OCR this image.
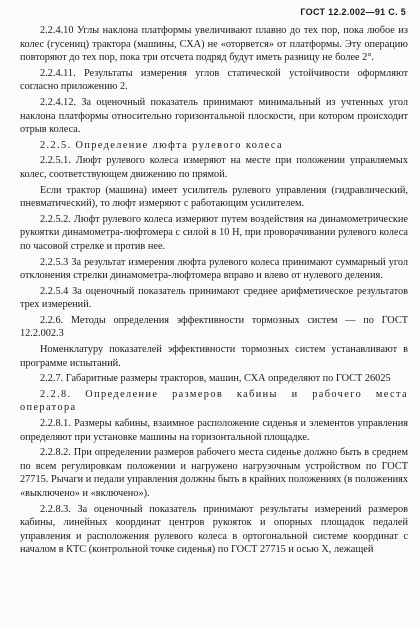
ГОСТ 12.2.002—91 С. 5

2.2.4.10 Углы наклона платформы увеличивают плавно до тех пор, пока любое из колес (гусениц) трактора (машины, СХА) не «оторвется» от платформы. Эту операцию повторяют до тех пор, пока три отсчета подряд будут иметь разницу не более 2°.

2.2.4.11. Результаты измерения углов статической устойчивости оформляют согласно приложению 2.

2.2.4.12. За оценочный показатель принимают минимальный из учтенных угол наклона платформы относительно горизонтальной плоскости, при котором происходит отрыв колеса.

2.2.5. Определение люфта рулевого колеса

2.2.5.1. Люфт рулевого колеса измеряют на месте при положении управляемых колес, соответствующем движению по прямой.

Если трактор (машина) имеет усилитель рулевого управления (гидравлический, пневматический), то люфт измеряют с работающим усилителем.

2.2.5.2. Люфт рулевого колеса измеряют путем воздействия на динамометрические рукоятки динамометра-люфтомера с силой в 10 Н, при проворачивании рулевого колеса по часовой стрелке и против нее.

2.2.5.3 За результат измерения люфта рулевого колеса принимают суммарный угол отклонения стрелки динамометра-люфтомера вправо и влево от нулевого деления.

2.2.5.4 За оценочный показатель принимают среднее арифметическое результатов трех измерений.

2.2.6. Методы определения эффективности тормозных систем — по ГОСТ 12.2.002.3

Номенклатуру показателей эффективности тормозных систем устанавливают в программе испытаний.

2.2.7. Габаритные размеры тракторов, машин, СХА определяют по ГОСТ 26025

2.2.8. Определение размеров кабины и рабочего места оператора

2.2.8.1. Размеры кабины, взаимное расположение сиденья и элементов управления определяют при установке машины на горизонтальной площадке.

2.2.8.2. При определении размеров рабочего места сиденье должно быть в среднем по всем регулировкам положении и нагружено нагрузочным устройством по ГОСТ 27715. Рычаги и педали управления должны быть в крайних положениях (в положениях «выключено» и «включено»).

2.2.8.3. За оценочный показатель принимают результаты измерений размеров кабины, линейных координат центров рукояток и опорных площадок педалей управления и расположения рулевого колеса в ортогональной системе координат с началом в КТС (контрольной точке сиденья) по ГОСТ 27715 и осью X, лежащей
